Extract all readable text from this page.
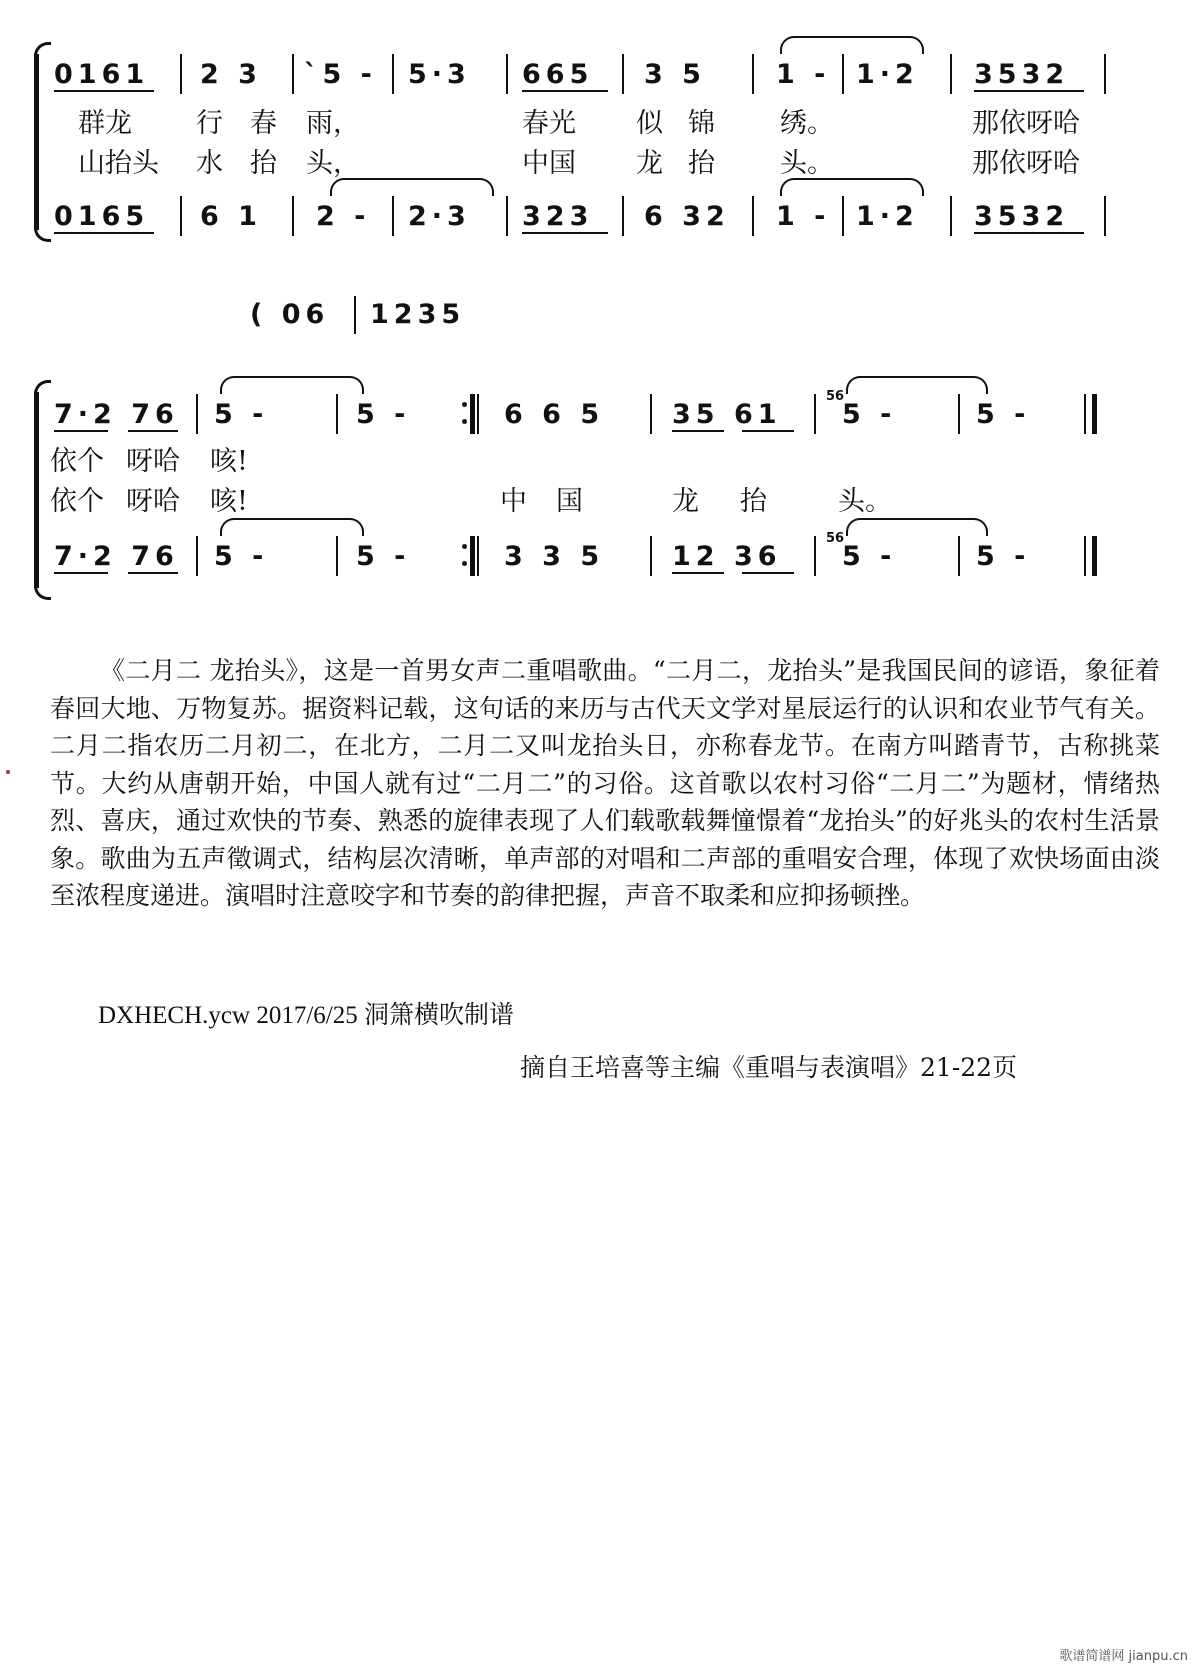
0161 2 3 `5 - 5·3 665 3 5	1 - 1·2 3532
群龙 行 春 雨，	春光 似 锦 绣。	那依呀哈
山抬头 水 抬 头，	中国 龙 抬 头。	那依呀哈
0165 6 1 2 - 2·3 323 6 32 1 - 1·2 3532
( 06 1235
7·2 76 5 -	5 -	6 6 5	35 61
56
5 -	5 -
依个 呀哈 咳!
依个 呀哈 咳!	中 国	龙 抬	头。
7·2 76 5 -	5 -	3 3 5	12 36
56
5 -	5 -

《二月二 龙抬头》，这是一首男女声二重唱歌曲。“二月二，龙抬头”是我国民间的谚语，象征着春回大地、万物复苏。据资料记载，这句话的来历与古代天文学对星辰运行的认识和农业节气有关。二月二指农历二月初二，在北方，二月二又叫龙抬头日，亦称春龙节。在南方叫踏青节，古称挑菜节。大约从唐朝开始，中国人就有过“二月二”的习俗。这首歌以农村习俗“二月二”为题材，情绪热烈、喜庆，通过欢快的节奏、熟悉的旋律表现了人们载歌载舞憧憬着“龙抬头”的好兆头的农村生活景象。歌曲为五声徵调式，结构层次清晰，单声部的对唱和二声部的重唱安合理，体现了欢快场面由淡至浓程度递进。演唱时注意咬字和节奏的韵律把握，声音不取柔和应抑扬顿挫。

DXHECH.ycw 2017/6/25 洞箫横吹制谱
摘自王培喜等主编《重唱与表演唱》21-22页
歌谱简谱网 jianpu.cn
